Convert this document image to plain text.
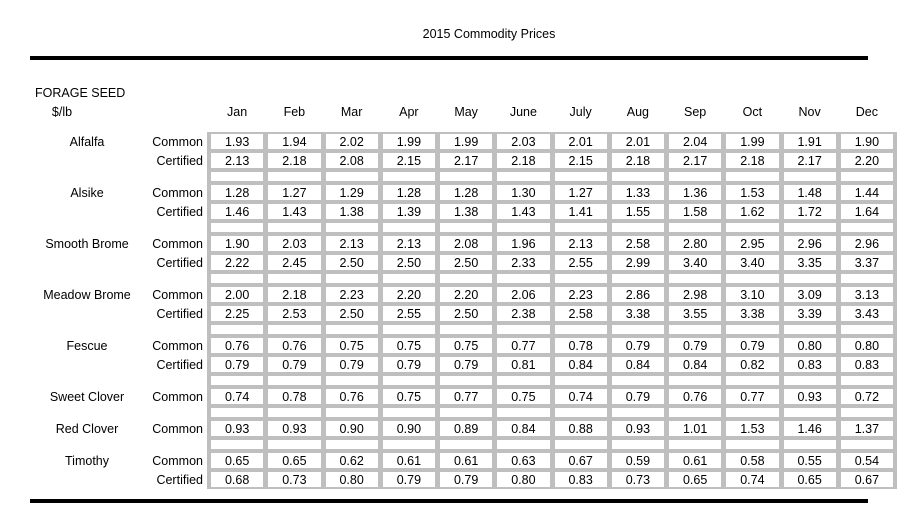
2015 Commodity Prices
FORAGE SEED
$/lb	Jan	Feb	Mar	Apr	May	June	July	Aug	Sep	Oct	Nov	Dec
Alfalfa	Common	1.93	1.94	2.02	1.99	1.99	2.03	2.01	2.01	2.04	1.99	1.91	1.90
Certified	2.13	2.18	2.08	2.15	2.17	2.18	2.15	2.18	2.17	2.18	2.17	2.20
Alsike	Common	1.28	1.27	1.29	1.28	1.28	1.30	1.27	1.33	1.36	1.53	1.48	1.44
Certified	1.46	1.43	1.38	1.39	1.38	1.43	1.41	1.55	1.58	1.62	1.72	1.64
Smooth Brome	Common	1.90	2.03	2.13	2.13	2.08	1.96	2.13	2.58	2.80	2.95	2.96	2.96
Certified	2.22	2.45	2.50	2.50	2.50	2.33	2.55	2.99	3.40	3.40	3.35	3.37
Meadow Brome	Common	2.00	2.18	2.23	2.20	2.20	2.06	2.23	2.86	2.98	3.10	3.09	3.13
Certified	2.25	2.53	2.50	2.55	2.50	2.38	2.58	3.38	3.55	3.38	3.39	3.43
Fescue	Common	0.76	0.76	0.75	0.75	0.75	0.77	0.78	0.79	0.79	0.79	0.80	0.80
Certified	0.79	0.79	0.79	0.79	0.79	0.81	0.84	0.84	0.84	0.82	0.83	0.83
Sweet Clover	Common	0.74	0.78	0.76	0.75	0.77	0.75	0.74	0.79	0.76	0.77	0.93	0.72
Red Clover	Common	0.93	0.93	0.90	0.90	0.89	0.84	0.88	0.93	1.01	1.53	1.46	1.37
Timothy	Common	0.65	0.65	0.62	0.61	0.61	0.63	0.67	0.59	0.61	0.58	0.55	0.54
Certified	0.68	0.73	0.80	0.79	0.79	0.80	0.83	0.73	0.65	0.74	0.65	0.67
